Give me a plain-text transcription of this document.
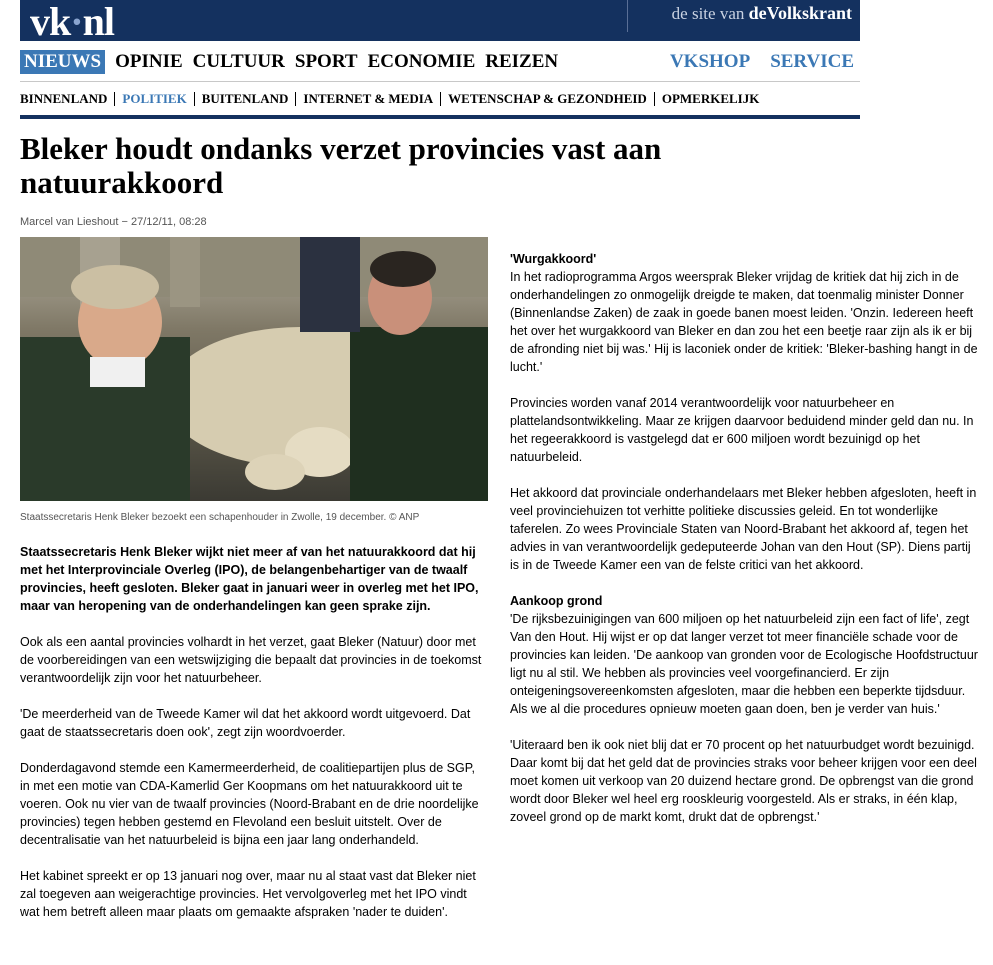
vk·nl	de site van deVolkskrant
NIEUWS OPINIE CULTUUR SPORT ECONOMIE REIZEN	VKSHOP SERVICE
BINNENLAND	POLITIEK	BUITENLAND	INTERNET & MEDIA	WETENSCHAP & GEZONDHEID	OPMERKELIJK
Bleker houdt ondanks verzet provincies vast aan natuurakkoord
Marcel van Lieshout − 27/12/11, 08:28
Staatssecretaris Henk Bleker bezoekt een schapenhouder in Zwolle, 19 december. © ANP

Staatssecretaris Henk Bleker wijkt niet meer af van het natuurakkoord dat hij met het Interprovinciale Overleg (IPO), de belangenbehartiger van de twaalf provincies, heeft gesloten. Bleker gaat in januari weer in overleg met het IPO, maar van heropening van de onderhandelingen kan geen sprake zijn.

Ook als een aantal provincies volhardt in het verzet, gaat Bleker (Natuur) door met de voorbereidingen van een wetswijziging die bepaalt dat provincies in de toekomst verantwoordelijk zijn voor het natuurbeheer.

'De meerderheid van de Tweede Kamer wil dat het akkoord wordt uitgevoerd. Dat gaat de staatssecretaris doen ook', zegt zijn woordvoerder.

Donderdagavond stemde een Kamermeerderheid, de coalitiepartijen plus de SGP, in met een motie van CDA-Kamerlid Ger Koopmans om het natuurakkoord uit te voeren. Ook nu vier van de twaalf provincies (Noord-Brabant en de drie noordelijke provincies) tegen hebben gestemd en Flevoland een besluit uitstelt. Over de decentralisatie van het natuurbeleid is bijna een jaar lang onderhandeld.

Het kabinet spreekt er op 13 januari nog over, maar nu al staat vast dat Bleker niet zal toegeven aan weigerachtige provincies. Het vervolgoverleg met het IPO vindt wat hem betreft alleen maar plaats om gemaakte afspraken 'nader te duiden'.

'Wurgakkoord'
In het radioprogramma Argos weersprak Bleker vrijdag de kritiek dat hij zich in de onderhandelingen zo onmogelijk dreigde te maken, dat toenmalig minister Donner (Binnenlandse Zaken) de zaak in goede banen moest leiden. 'Onzin. Iedereen heeft het over het wurgakkoord van Bleker en dan zou het een beetje raar zijn als ik er bij de afronding niet bij was.' Hij is laconiek onder de kritiek: 'Bleker-bashing hangt in de lucht.'

Provincies worden vanaf 2014 verantwoordelijk voor natuurbeheer en plattelandsontwikkeling. Maar ze krijgen daarvoor beduidend minder geld dan nu. In het regeerakkoord is vastgelegd dat er 600 miljoen wordt bezuinigd op het natuurbeleid.

Het akkoord dat provinciale onderhandelaars met Bleker hebben afgesloten, heeft in veel provinciehuizen tot verhitte politieke discussies geleid. En tot wonderlijke taferelen. Zo wees Provinciale Staten van Noord-Brabant het akkoord af, tegen het advies in van verantwoordelijk gedeputeerde Johan van den Hout (SP). Diens partij is in de Tweede Kamer een van de felste critici van het akkoord.

Aankoop grond
'De rijksbezuinigingen van 600 miljoen op het natuurbeleid zijn een fact of life', zegt Van den Hout. Hij wijst er op dat langer verzet tot meer financiële schade voor de provincies kan leiden. 'De aankoop van gronden voor de Ecologische Hoofdstructuur ligt nu al stil. We hebben als provincies veel voorgefinancierd. Er zijn onteigeningsovereenkomsten afgesloten, maar die hebben een beperkte tijdsduur. Als we al die procedures opnieuw moeten gaan doen, ben je verder van huis.'

'Uiteraard ben ik ook niet blij dat er 70 procent op het natuurbudget wordt bezuinigd. Daar komt bij dat het geld dat de provincies straks voor beheer krijgen voor een deel moet komen uit verkoop van 20 duizend hectare grond. De opbrengst van die grond wordt door Bleker wel heel erg rooskleurig voorgesteld. Als er straks, in één klap, zoveel grond op de markt komt, drukt dat de opbrengst.'
